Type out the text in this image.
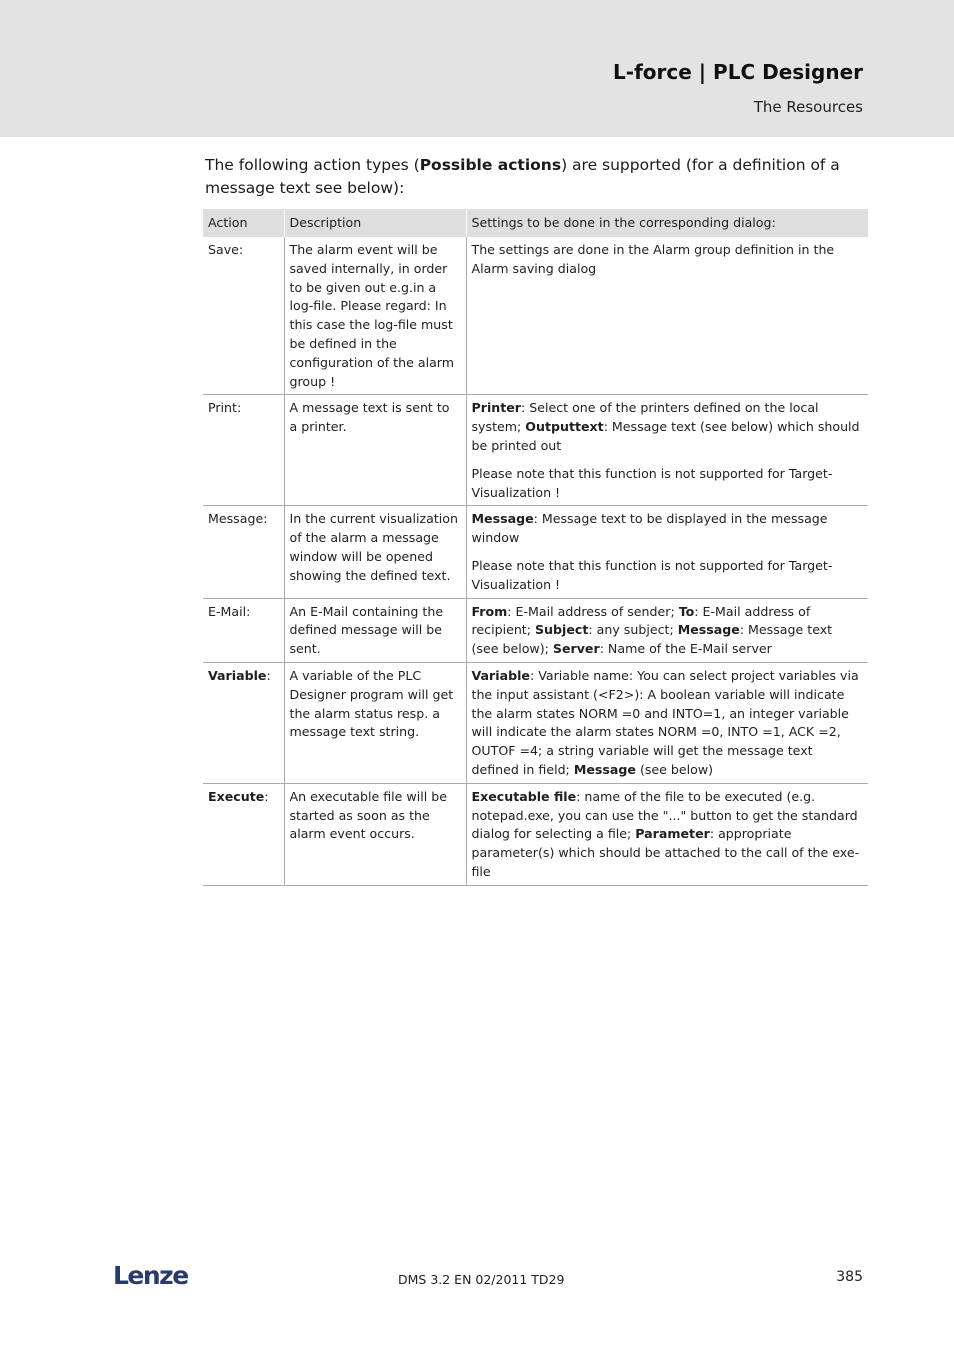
L-force | PLC Designer
The Resources
The following action types (Possible actions) are supported (for a definition of a message text see below):
Action	Description	Settings to be done in the corresponding dialog:
Save:	The alarm event will be saved internally, in order to be given out e.g.in a log-file. Please regard: In this case the log-file must be defined in the configuration of the alarm group !	The settings are done in the Alarm group definition in the Alarm saving dialog

Print:	A message text is sent to a printer.	Printer: Select one of the printers defined on the local system; Outputtext: Message text (see below) which should be printed out
Please note that this function is not supported for Target-Visualization !

Message:	In the current visualization of the alarm a message window will be opened showing the defined text.	Message: Message text to be displayed in the message window
Please note that this function is not supported for Target-Visualization !

E-Mail:	An E-Mail containing the defined message will be sent.	From: E-Mail address of sender; To: E-Mail address of recipient; Subject: any subject; Message: Message text (see below); Server: Name of the E-Mail server

Variable:	A variable of the PLC Designer program will get the alarm status resp. a message text string.	Variable: Variable name: You can select project variables via the input assistant (<F2>): A boolean variable will indicate the alarm states NORM =0 and INTO=1, an integer variable will indicate the alarm states NORM =0, INTO =1, ACK =2, OUTOF =4; a string variable will get the message text defined in field; Message (see below)

Execute:	An executable file will be started as soon as the alarm event occurs.	Executable file: name of the file to be executed (e.g. notepad.exe, you can use the "..." button to get the standard dialog for selecting a file; Parameter: appropriate parameter(s) which should be attached to the call of the exe-file
Lenze	DMS 3.2 EN 02/2011 TD29	385
